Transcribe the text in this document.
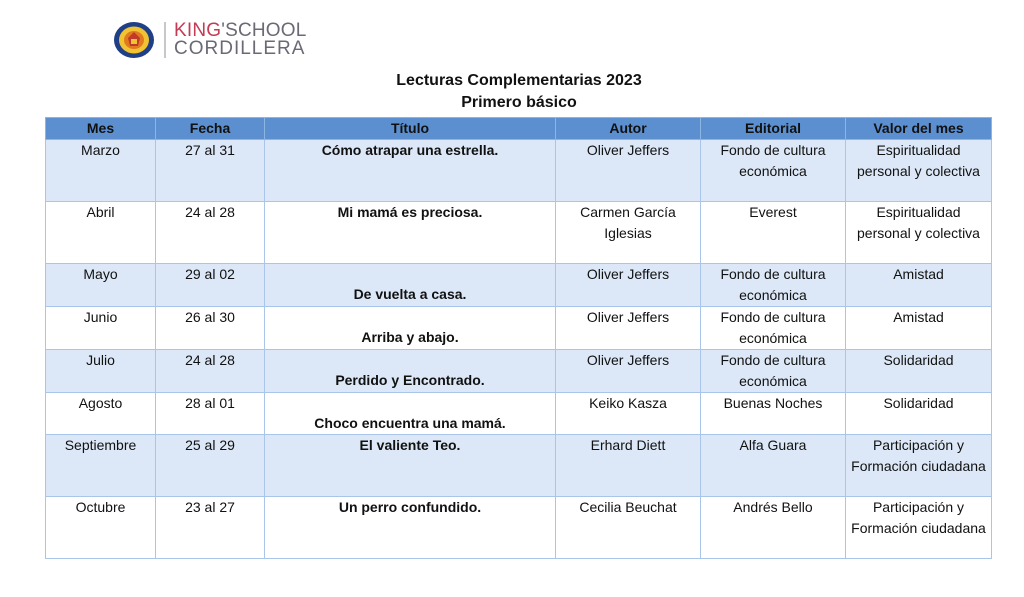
KING'SCHOOL
CORDILLERA
Lecturas Complementarias 2023
Primero básico
Mes	Fecha	Título	Autor	Editorial	Valor del mes
Marzo	27 al 31	Cómo atrapar una estrella.	Oliver Jeffers	Fondo de cultura económica	Espiritualidad personal y colectiva
Abril	24 al 28	Mi mamá es preciosa.	Carmen García Iglesias	Everest	Espiritualidad personal y colectiva
Mayo	29 al 02	De vuelta a casa.	Oliver Jeffers	Fondo de cultura económica	Amistad
Junio	26 al 30	Arriba y abajo.	Oliver Jeffers	Fondo de cultura económica	Amistad
Julio	24 al 28	Perdido y Encontrado.	Oliver Jeffers	Fondo de cultura económica	Solidaridad
Agosto	28 al 01	Choco encuentra una mamá.	Keiko Kasza	Buenas Noches	Solidaridad
Septiembre	25 al 29	El valiente Teo.	Erhard Diett	Alfa Guara	Participación y Formación ciudadana
Octubre	23 al 27	Un perro confundido.	Cecilia Beuchat	Andrés Bello	Participación y Formación ciudadana
